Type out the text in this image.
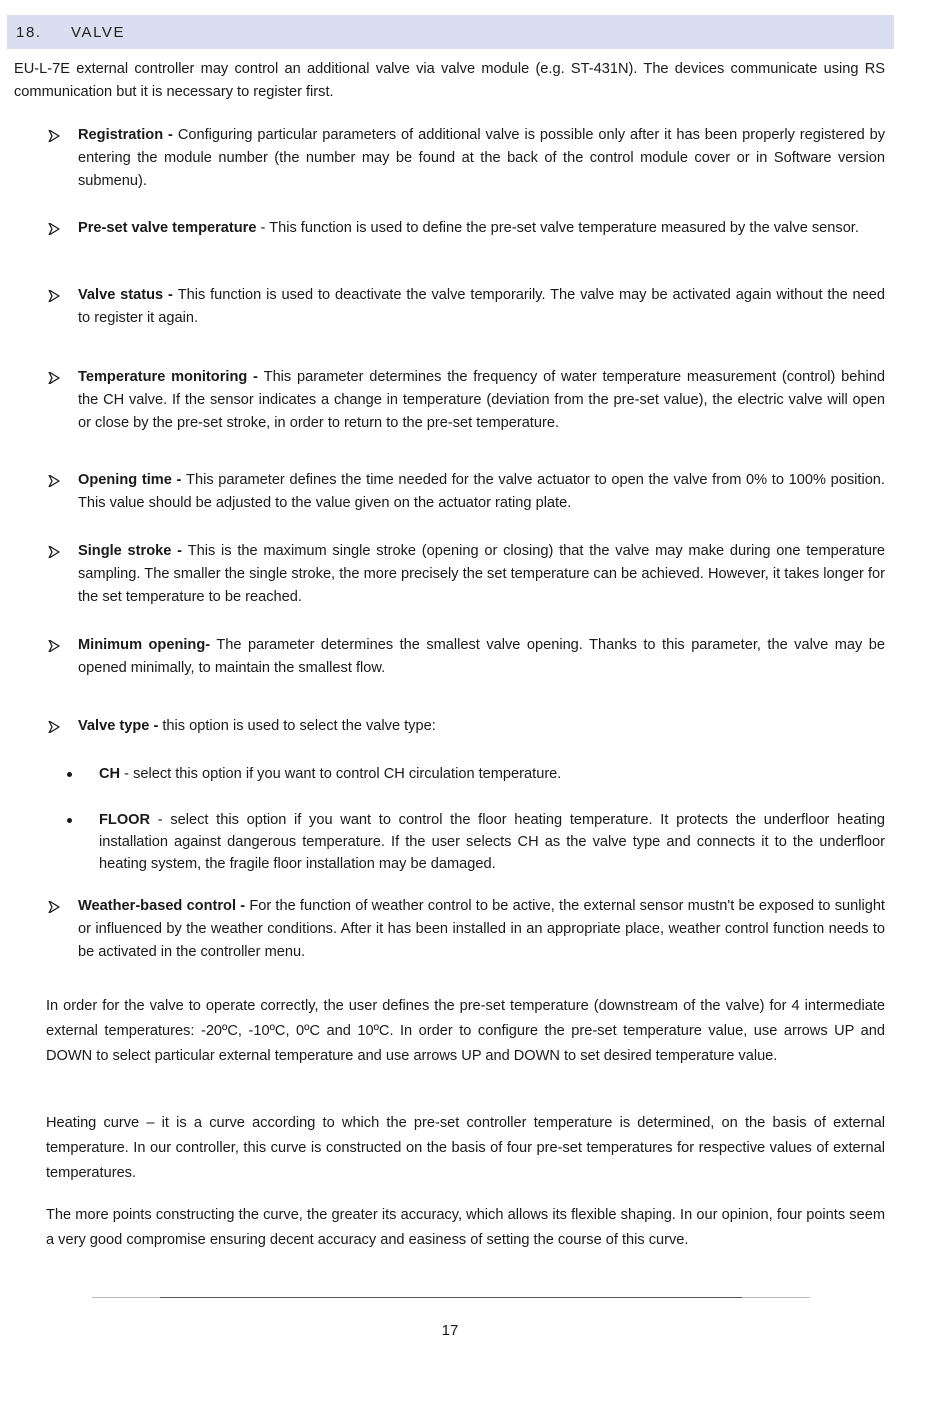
18.	VALVE

EU-L-7E external controller may control an additional valve via valve module (e.g. ST-431N). The devices communicate using RS communication but it is necessary to register first.

Registration - Configuring particular parameters of additional valve is possible only after it has been properly registered by entering the module number (the number may be found at the back of the control module cover or in Software version submenu).

Pre-set valve temperature - This function is used to define the pre-set valve temperature measured by the valve sensor.

Valve status - This function is used to deactivate the valve temporarily. The valve may be activated again without the need to register it again.

Temperature monitoring - This parameter determines the frequency of water temperature measurement (control) behind the CH valve. If the sensor indicates a change in temperature (deviation from the pre-set value), the electric valve will open or close by the pre-set stroke, in order to return to the pre-set temperature.

Opening time - This parameter defines the time needed for the valve actuator to open the valve from 0% to 100% position. This value should be adjusted to the value given on the actuator rating plate.

Single stroke - This is the maximum single stroke (opening or closing) that the valve may make during one temperature sampling. The smaller the single stroke, the more precisely the set temperature can be achieved. However, it takes longer for the set temperature to be reached.

Minimum opening- The parameter determines the smallest valve opening. Thanks to this parameter, the valve may be opened minimally, to maintain the smallest flow.

Valve type - this option is used to select the valve type:

CH - select this option if you want to control CH circulation temperature.

FLOOR - select this option if you want to control the floor heating temperature. It protects the underfloor heating installation against dangerous temperature. If the user selects CH as the valve type and connects it to the underfloor heating system, the fragile floor installation may be damaged.

Weather-based control - For the function of weather control to be active, the external sensor mustn't be exposed to sunlight or influenced by the weather conditions. After it has been installed in an appropriate place, weather control function needs to be activated in the controller menu.

In order for the valve to operate correctly, the user defines the pre-set temperature (downstream of the valve) for 4 intermediate external temperatures: -20ºC, -10ºC, 0ºC and 10ºC. In order to configure the pre-set temperature value, use arrows UP and DOWN to select particular external temperature and use arrows UP and DOWN to set desired temperature value.

Heating curve – it is a curve according to which the pre-set controller temperature is determined, on the basis of external temperature. In our controller, this curve is constructed on the basis of four pre-set temperatures for respective values of external temperatures.

The more points constructing the curve, the greater its accuracy, which allows its flexible shaping. In our opinion, four points seem a very good compromise ensuring decent accuracy and easiness of setting the course of this curve.

17
